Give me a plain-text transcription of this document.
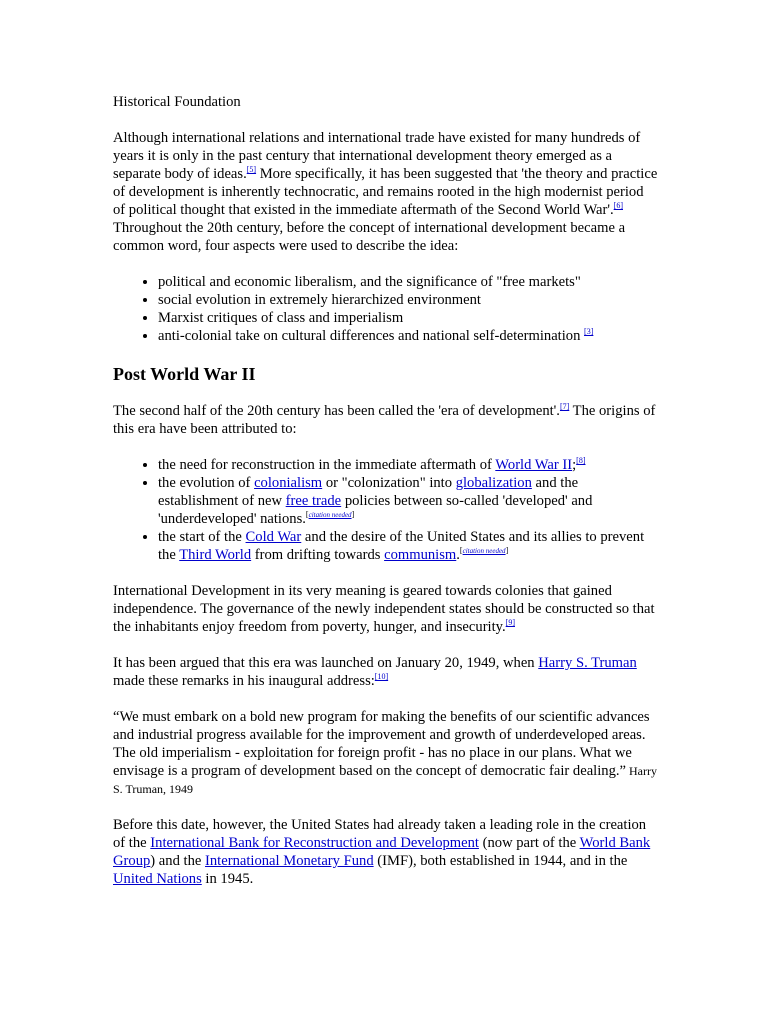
Historical Foundation

Although international relations and international trade have existed for many hundreds of years it is only in the past century that international development theory emerged as a separate body of ideas.[5] More specifically, it has been suggested that 'the theory and practice of development is inherently technocratic, and remains rooted in the high modernist period of political thought that existed in the immediate aftermath of the Second World War'.[6] Throughout the 20th century, before the concept of international development became a common word, four aspects were used to describe the idea:

• political and economic liberalism, and the significance of "free markets"
• social evolution in extremely hierarchized environment
• Marxist critiques of class and imperialism
• anti-colonial take on cultural differences and national self-determination [3]
Post World War II

The second half of the 20th century has been called the 'era of development'.[7] The origins of this era have been attributed to:

• the need for reconstruction in the immediate aftermath of World War II;[8]
• the evolution of colonialism or "colonization" into globalization and the establishment of new free trade policies between so-called 'developed' and 'underdeveloped' nations.[citation needed]
• the start of the Cold War and the desire of the United States and its allies to prevent the Third World from drifting towards communism.[citation needed]

International Development in its very meaning is geared towards colonies that gained independence. The governance of the newly independent states should be constructed so that the inhabitants enjoy freedom from poverty, hunger, and insecurity.[9]

It has been argued that this era was launched on January 20, 1949, when Harry S. Truman made these remarks in his inaugural address:[10]

“We must embark on a bold new program for making the benefits of our scientific advances and industrial progress available for the improvement and growth of underdeveloped areas. The old imperialism - exploitation for foreign profit - has no place in our plans. What we envisage is a program of development based on the concept of democratic fair dealing.” Harry S. Truman, 1949

Before this date, however, the United States had already taken a leading role in the creation of the International Bank for Reconstruction and Development (now part of the World Bank Group) and the International Monetary Fund (IMF), both established in 1944, and in the United Nations in 1945.
